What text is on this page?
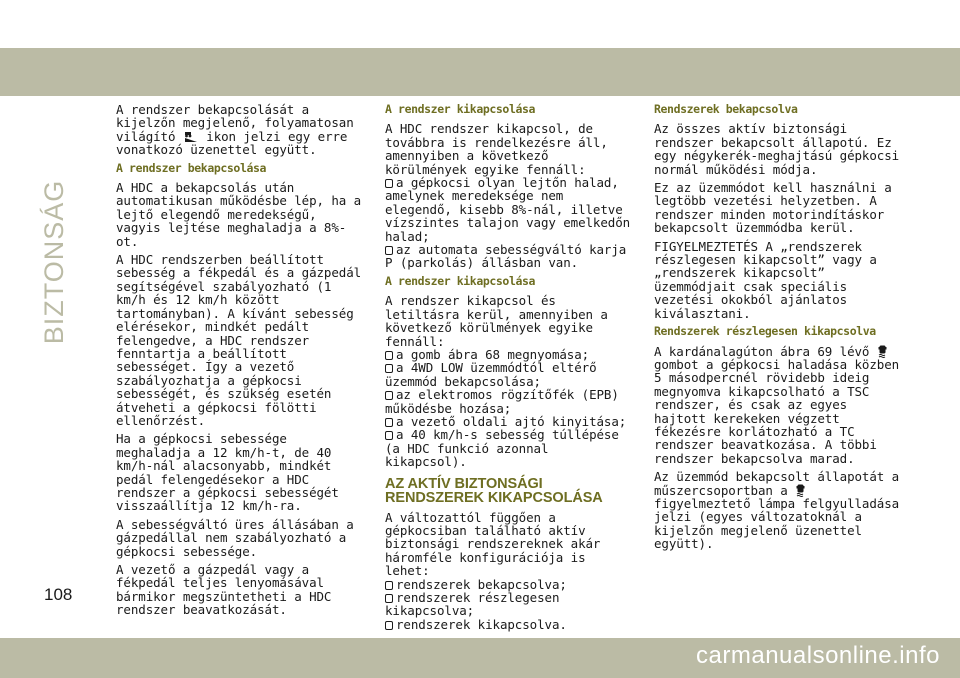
BIZTONSÁG

A rendszer bekapcsolását a kijelzőn megjelenő, folyamatosan világító  ikon jelzi egy erre vonatkozó üzenettel együtt.

A rendszer bekapcsolása

A HDC a bekapcsolás után automatikusan működésbe lép, ha a lejtő elegendő meredekségű, vagyis lejtése meghaladja a 8%-ot.

A HDC rendszerben beállított sebesség a fékpedál és a gázpedál segítségével szabályozható (1 km/h és 12 km/h között tartományban). A kívánt sebesség elérésekor, mindkét pedált felengedve, a HDC rendszer fenntartja a beállított sebességet. Így a vezető szabályozhatja a gépkocsi sebességét, és szükség esetén átveheti a gépkocsi fölötti ellenőrzést.

Ha a gépkocsi sebessége meghaladja a 12 km/h-t, de 40 km/h-nál alacsonyabb, mindkét pedál felengedésekor a HDC rendszer a gépkocsi sebességét visszaállítja 12 km/h-ra.

A sebességváltó üres állásában a gázpedállal nem szabályozható a gépkocsi sebessége.

A vezető a gázpedál vagy a fékpedál teljes lenyomásával bármikor megszüntetheti a HDC rendszer beavatkozását.

A rendszer kikapcsolása

A HDC rendszer kikapcsol, de továbbra is rendelkezésre áll, amennyiben a következő körülmények egyike fennáll:
a gépkocsi olyan lejtőn halad, amelynek meredeksége nem elegendő, kisebb 8%-nál, illetve vízszintes talajon vagy emelkedőn halad;
az automata sebességváltó karja P (parkolás) állásban van.

A rendszer kikapcsolása

A rendszer kikapcsol és letiltásra kerül, amennyiben a következő körülmények egyike fennáll:
a gomb ábra 68 megnyomása;
a 4WD LOW üzemmódtól eltérő üzemmód bekapcsolása;
az elektromos rögzítőfék (EPB) működésbe hozása;
a vezető oldali ajtó kinyitása;
a 40 km/h-s sebesség túllépése (a HDC funkció azonnal kikapcsol).

AZ AKTÍV BIZTONSÁGI RENDSZEREK KIKAPCSOLÁSA

A változattól függően a gépkocsiban található aktív biztonsági rendszereknek akár háromféle konfigurációja is lehet:
rendszerek bekapcsolva;
rendszerek részlegesen kikapcsolva;
rendszerek kikapcsolva.

Rendszerek bekapcsolva

Az összes aktív biztonsági rendszer bekapcsolt állapotú. Ez egy négykerék-meghajtású gépkocsi normál működési módja.

Ez az üzemmódot kell használni a legtöbb vezetési helyzetben. A rendszer minden motorindításkor bekapcsolt üzemmódba kerül.

FIGYELMEZTETÉS A „rendszerek részlegesen kikapcsolt” vagy a „rendszerek kikapcsolt” üzemmódjait csak speciális vezetési okokból ajánlatos kiválasztani.

Rendszerek részlegesen kikapcsolva

A kardánalagúton ábra 69 lévő gombot a gépkocsi haladása közben 5 másodpercnél rövidebb ideig megnyomva kikapcsolható a TSC rendszer, és csak az egyes hajtott kerekeken végzett fékezésre korlátozható a TC rendszer beavatkozása. A többi rendszer bekapcsolva marad.

Az üzemmód bekapcsolt állapotát a műszercsoportban a figyelmeztető lámpa felgyulladása jelzi (egyes változatoknál a kijelzőn megjelenő üzenettel együtt).

108
carmanualsonline.info
